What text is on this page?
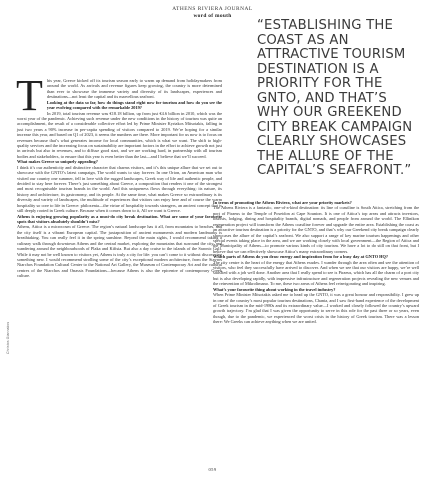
ATHENS RIVIERA JOURNAL
word of mouth
“ESTABLISHING THE COAST AS AN ATTRACTIVE TOURISM DESTINATION IS A PRIORITY FOR THE GNTO, AND THAT’S WHY OUR GREEKEND CITY BREAK CAMPAIGN CLEARLY SHOWCASES THE ALLURE OF THE CAPITAL’S SEAFRONT.”
Christos Giannakos
T his year, Greece kicked off its tourism season early to warm up demand from holidaymakers from around the world. As arrivals and revenue figures keep growing, the country is more determined than ever to showcase the immense variety and diversity of its landscapes, experiences and destinations—not least the capital and its marvellous seafront.

Looking at the data so far, how do things stand right now for tourism and how do you see the year evolving compared with the remarkable 2019?

In 2019, total tourism revenue was €18.18 billion, up from just €4.6 billion in 2010, which was the worst year of the pandemic. Achieving such revenue under the new conditions in the history of tourism was quite an accomplishment, the result of a considerable collective effort led by Prime Minister Kyriakos Mitsotakis, falling in just two years a 90% increase in per-capita spending of visitors compared to 2019. We’re hoping for a similar increase this year, and based on Q1 of 2023, it seems the numbers are there. More important for us now is to focus on revenues because that’s what generates income for local communities, which is what we want. The shift to high-quality services and the increasing focus on sustainability are important factors in the effort to achieve growth not just in arrivals but also in revenues, and to diffuse good start, and we are working hard, in partnership with all tourism bodies and stakeholders, to ensure that this year is even better than the last—and I believe that we’ll succeed.

What makes Greece so uniquely appealing?

I think it’s our authenticity and distinctive character that charms visitors, and it’s this unique allure that we set out to showcase with the GNTO’s latest campaign, The world wants to stay forever. In one Orion, an American man who visited our country one summer, fell in love with the rugged landscapes, Greek way of life and authentic people, and decided to stay here forever. There’s just something about Greece, a composition that renders it one of the strongest and most recognisable tourism brands in the world. And this uniqueness flows through everything: its nature, its history and architecture, its gastronomy, and its people. At the same time, what makes Greece so extraordinary is its diversity and variety of landscapes, the multitude of experiences that visitors can enjoy here and of course the warm hospitality so core to life in Greece: philoxenia—the virtue of hospitality towards strangers, an ancient concept that is still deeply rooted in Greek culture. Because when it comes down to it, All we want is Greece.

Athens is enjoying growing popularity as a must-do city break destination. What are some of your favourite spots that visitors absolutely shouldn’t miss?

Athens, Attica is a microcosm of Greece. The region’s natural landscape has it all, from mountains to beaches, and the city itself is a vibrant European capital. The juxtaposition of ancient monuments and modern landmarks is breathtaking. You can really feel it in the spring sunshine. Beyond the main sights, I would recommend taking a culinary walk through downtown Athens and the central market, exploring the mountains that surround the city, and wandering around the neighbourhoods of Plaka and Kifisia. But also a day cruise to the islands of the Saronic Gulf. While it may not be well known to visitors yet, Athens is truly a city for life: you can’t come to it without discovering something new. I would recommend strolling some of the city’s exceptional modern architecture, from the Stavros Niarchos Foundation Cultural Center to the National Art Gallery, the Museum of Contemporary Art and the cultural centres of the Niarchos and Onassis Foundations—because Athens is also the epicentre of contemporary Greek culture.

In terms of promoting the Athens Riviera, what are your priority markets?

The Athens Riviera is a fantastic, one-of-a-kind destination: its line of coastline is South Attica, stretching from the port of Piraeus to the Temple of Poseidon at Cape Sounion. It is one of Attica’s top areas and attracts investors, tourists, lodging, dining and hospitality brands, digital nomads, and people from around the world. The Ellinikon regeneration project will transform the Athens coastline forever and upgrade the entire area. Establishing the coast as an attractive tourism destination is a priority for the GNTO, and that’s why our Greekend city break campaign clearly showcases the allure of the capital’s seafront. We also support a range of key marine tourism happenings and other special events taking place in the area, and we are working closely with local government—the Region of Attica and the Municipality of Athens—to promote various kinds of city tourism. We have a lot to do still on that front, but I believe that we can effectively showcase Attica’s many extraordinary corners.

Which parts of Athens do you draw energy and inspiration from for a busy day at GNTO HQ?

The city centre is the heart of the energy that Athens exudes. I wander through the area often and see the attention of visitors, who feel they successfully have arrived to discover. And when we see that our visitors are happy, we’re well satisfied with a job well done. Another area that I really spend to see is Piraeus, which has all the charm of a port city but is also developing rapidly, with impressive infrastructure and regeneration projects revealing the new venues and the reinvention of Mikrolimano. To me, these two areas of Athens feel reinvigorating and inspiring.

What’s your favourite thing about working in the travel industry?

When Prime Minister Mitsotakis asked me to head up the GNTO, it was a great honour and responsibility. I grew up in one of the country’s most popular tourism destinations, Chania, and I saw first-hand experience of the development of Greek tourism in the mid-1980s and its extraordinary value—I worked and closely followed the country’s upward growth trajectory. I’m glad that I was given the opportunity to serve in this role for the past three or so years, even though, due to the pandemic, we experienced the worst crisis in the history of Greek tourism. There was a lesson there: We Greeks can achieve anything when we are united.

059
